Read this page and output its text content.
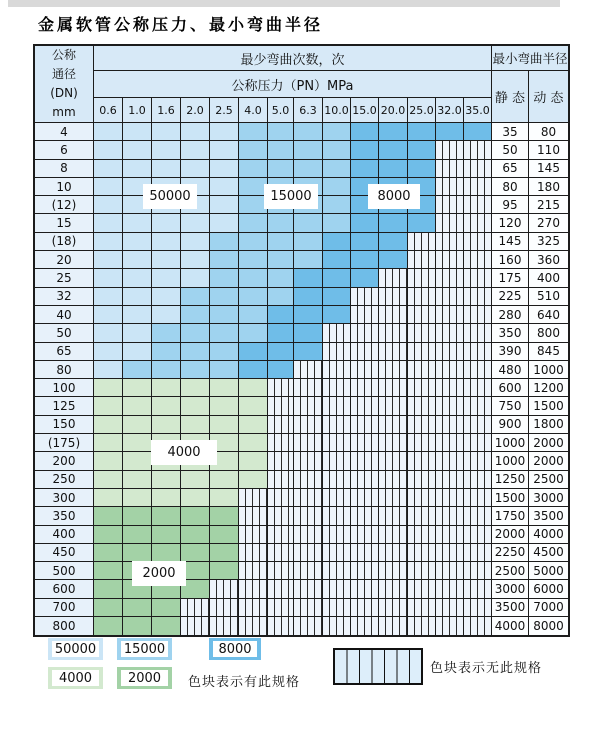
金属软管公称压力、最小弯曲半径
公称
通径
(DN)
mm
最少弯曲次数，次	最小弯曲半径
公称压力（PN）MPa
静 态 动 态
0.6	1.0	1.6	2.0	2.5	4.0 5.0 6.3 10.0 15.0 20.0 25.0 32.0 35.0
4	35	80
6	50	110
8	65	145
10	80	180
(12)	95	215
15	120	270
(18)	145	325
20	160	360
25	175	400
32	225	510
40	280	640
50	350	800
65	390	845
80	480 1000
100	600 1200
125	750 1500
150	900 1800
(175)	1000 2000
200	1000 2000
250	1250 2500
300	1500 3000
350	1750 3500
400	2000 4000
450	2250 4500
500	2500 5000
600	3000 6000
700	3500 7000
800	4000 8000
色块表示有此规格
色块表示无此规格
50000	15000	8000
4000
2000
50000 15000	8000
4000	2000
